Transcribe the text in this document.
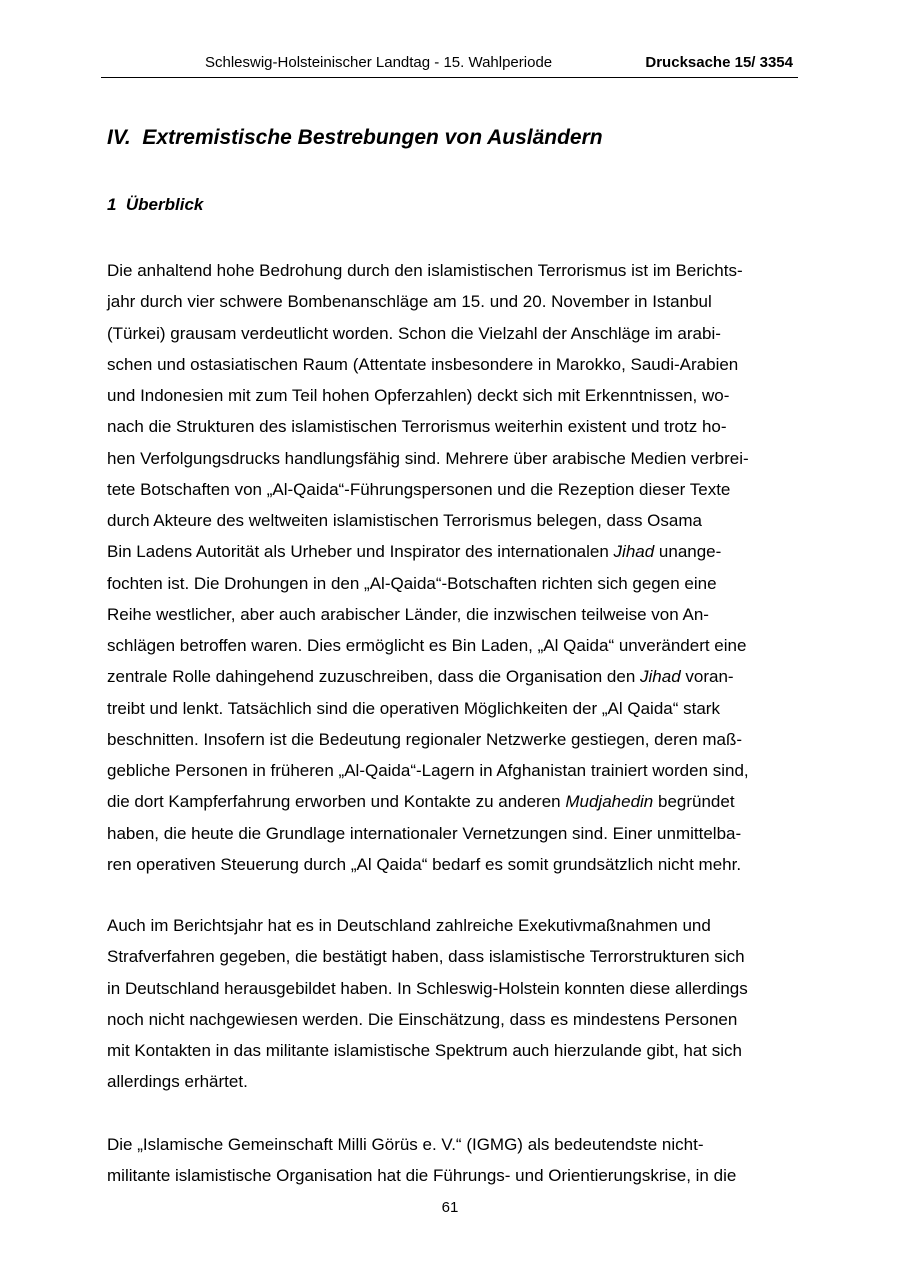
Schleswig-Holsteinischer Landtag - 15. Wahlperiode	Drucksache 15/ 3354
IV.  Extremistische Bestrebungen von Ausländern
1  Überblick
Die anhaltend hohe Bedrohung durch den islamistischen Terrorismus ist im Berichts-
jahr durch vier schwere Bombenanschläge am 15. und 20. November in Istanbul
(Türkei) grausam verdeutlicht worden. Schon die Vielzahl der Anschläge im arabi-
schen und ostasiatischen Raum (Attentate insbesondere in Marokko, Saudi-Arabien
und Indonesien mit zum Teil hohen Opferzahlen) deckt sich mit Erkenntnissen, wo-
nach die Strukturen des islamistischen Terrorismus weiterhin existent und trotz ho-
hen Verfolgungsdrucks handlungsfähig sind. Mehrere über arabische Medien verbrei-
tete Botschaften von „Al-Qaida“-Führungspersonen und die Rezeption dieser Texte
durch Akteure des weltweiten islamistischen Terrorismus belegen, dass Osama
Bin Ladens Autorität als Urheber und Inspirator des internationalen Jihad unange-
fochten ist. Die Drohungen in den „Al-Qaida“-Botschaften richten sich gegen eine
Reihe westlicher, aber auch arabischer Länder, die inzwischen teilweise von An-
schlägen betroffen waren. Dies ermöglicht es Bin Laden, „Al Qaida“ unverändert eine
zentrale Rolle dahingehend zuzuschreiben, dass die Organisation den Jihad voran-
treibt und lenkt. Tatsächlich sind die operativen Möglichkeiten der „Al Qaida“ stark
beschnitten. Insofern ist die Bedeutung regionaler Netzwerke gestiegen, deren maß-
gebliche Personen in früheren „Al-Qaida“-Lagern in Afghanistan trainiert worden sind,
die dort Kampferfahrung erworben und Kontakte zu anderen Mudjahedin begründet
haben, die heute die Grundlage internationaler Vernetzungen sind. Einer unmittelba-
ren operativen Steuerung durch „Al Qaida“ bedarf es somit grundsätzlich nicht mehr.
Auch im Berichtsjahr hat es in Deutschland zahlreiche Exekutivmaßnahmen und
Strafverfahren gegeben, die bestätigt haben, dass islamistische Terrorstrukturen sich
in Deutschland herausgebildet haben. In Schleswig-Holstein konnten diese allerdings
noch nicht nachgewiesen werden. Die Einschätzung, dass es mindestens Personen
mit Kontakten in das militante islamistische Spektrum auch hierzulande gibt, hat sich
allerdings erhärtet.
Die „Islamische Gemeinschaft Milli Görüs e. V.“ (IGMG) als bedeutendste nicht-
militante islamistische Organisation hat die Führungs- und Orientierungskrise, in die
61
